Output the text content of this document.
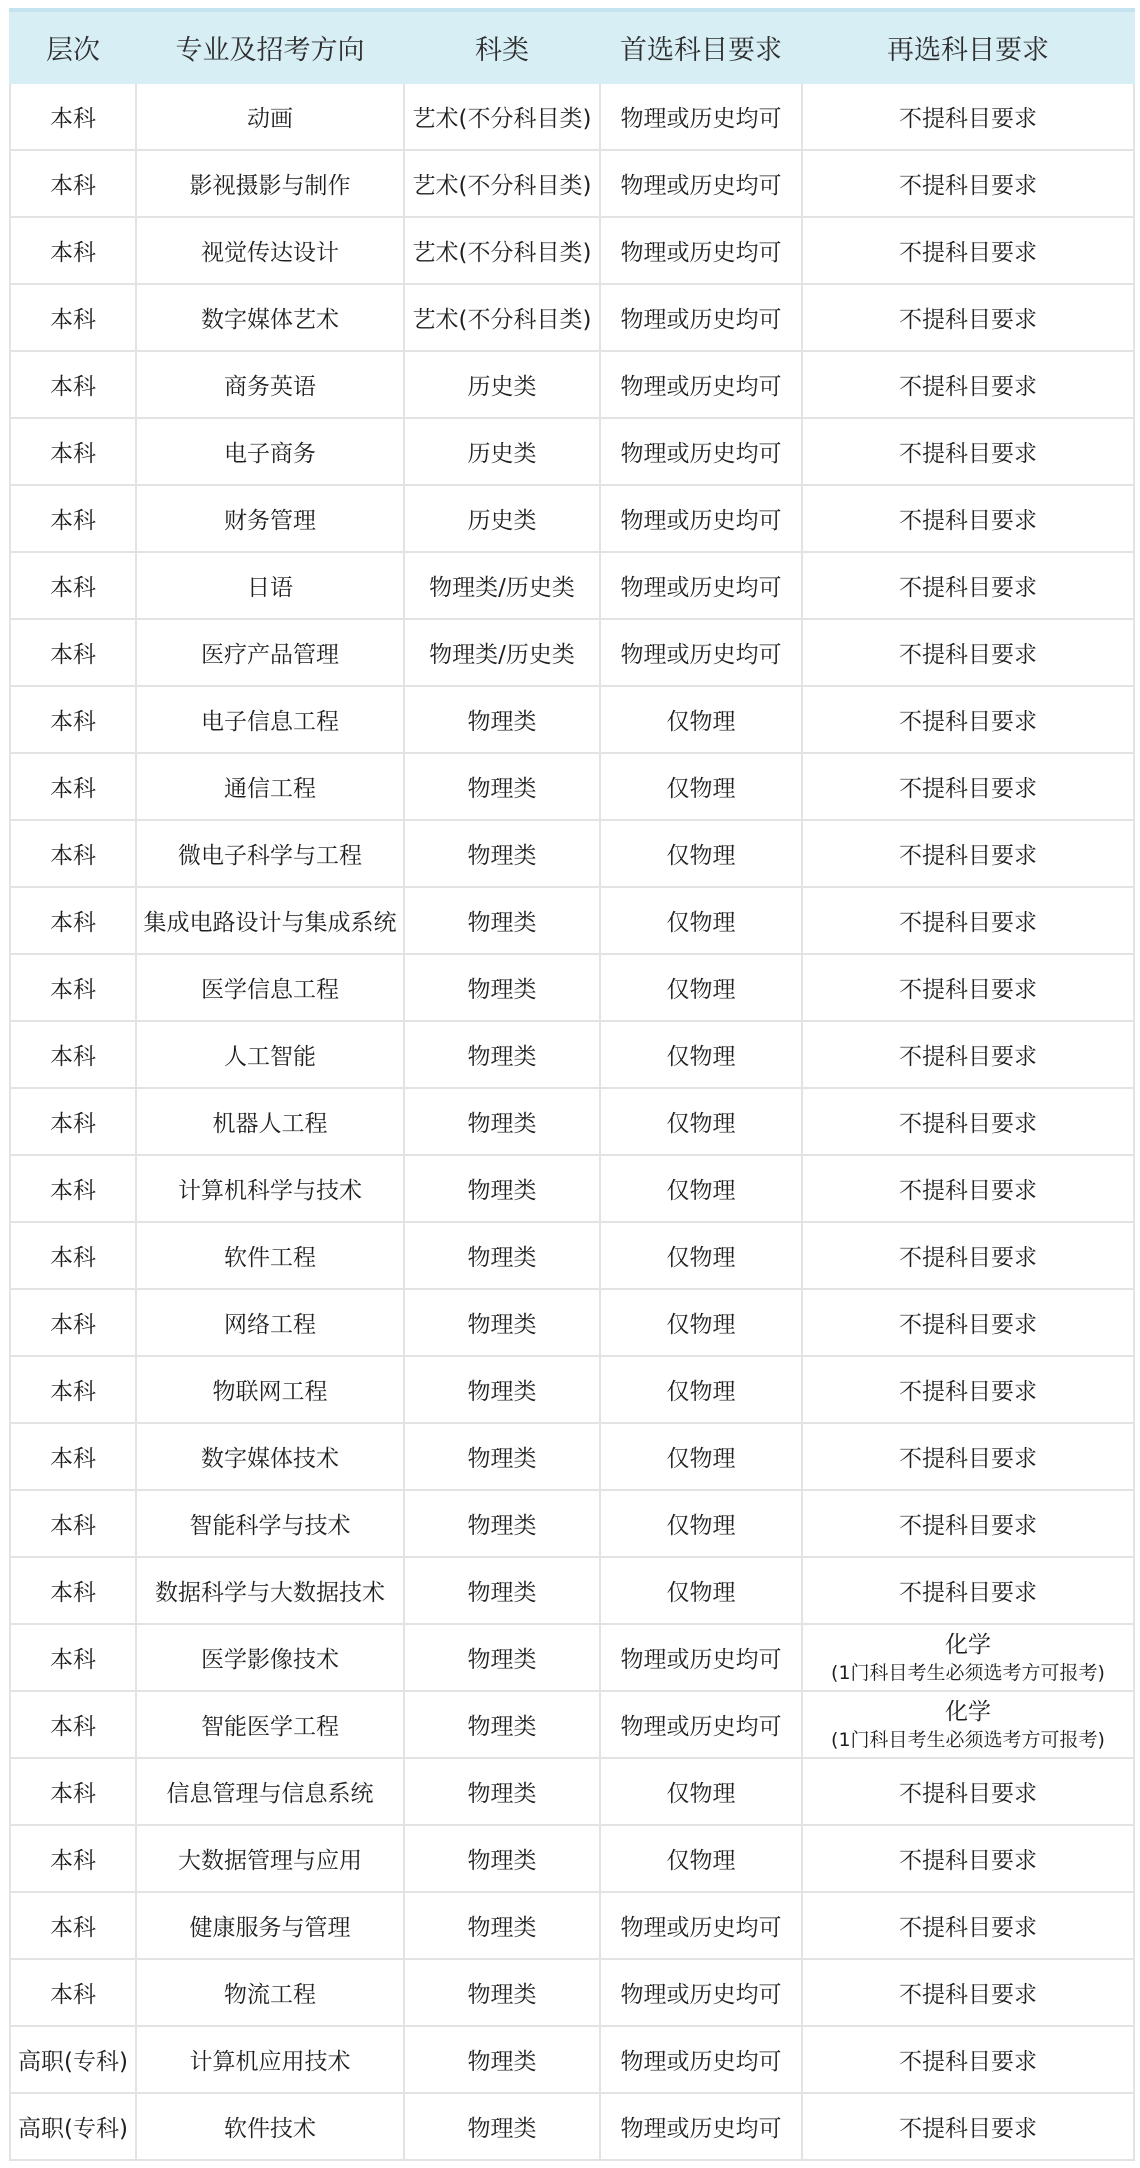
层次	专业及招考方向	科类	首选科目要求	再选科目要求
本科	动画	艺术(不分科目类)	物理或历史均可	不提科目要求
本科	影视摄影与制作	艺术(不分科目类)	物理或历史均可	不提科目要求
本科	视觉传达设计	艺术(不分科目类)	物理或历史均可	不提科目要求
本科	数字媒体艺术	艺术(不分科目类)	物理或历史均可	不提科目要求
本科	商务英语	历史类	物理或历史均可	不提科目要求
本科	电子商务	历史类	物理或历史均可	不提科目要求
本科	财务管理	历史类	物理或历史均可	不提科目要求
本科	日语	物理类/历史类	物理或历史均可	不提科目要求
本科	医疗产品管理	物理类/历史类	物理或历史均可	不提科目要求
本科	电子信息工程	物理类	仅物理	不提科目要求
本科	通信工程	物理类	仅物理	不提科目要求
本科	微电子科学与工程	物理类	仅物理	不提科目要求
本科	集成电路设计与集成系统	物理类	仅物理	不提科目要求
本科	医学信息工程	物理类	仅物理	不提科目要求
本科	人工智能	物理类	仅物理	不提科目要求
本科	机器人工程	物理类	仅物理	不提科目要求
本科	计算机科学与技术	物理类	仅物理	不提科目要求
本科	软件工程	物理类	仅物理	不提科目要求
本科	网络工程	物理类	仅物理	不提科目要求
本科	物联网工程	物理类	仅物理	不提科目要求
本科	数字媒体技术	物理类	仅物理	不提科目要求
本科	智能科学与技术	物理类	仅物理	不提科目要求
本科	数据科学与大数据技术	物理类	仅物理	不提科目要求
本科	医学影像技术	物理类	物理或历史均可	化学
(1门科目考生必须选考方可报考)

本科	智能医学工程	物理类	物理或历史均可	化学
(1门科目考生必须选考方可报考)

本科	信息管理与信息系统	物理类	仅物理	不提科目要求
本科	大数据管理与应用	物理类	仅物理	不提科目要求
本科	健康服务与管理	物理类	物理或历史均可	不提科目要求
本科	物流工程	物理类	物理或历史均可	不提科目要求
高职(专科)	计算机应用技术	物理类	物理或历史均可	不提科目要求
高职(专科)	软件技术	物理类	物理或历史均可	不提科目要求
